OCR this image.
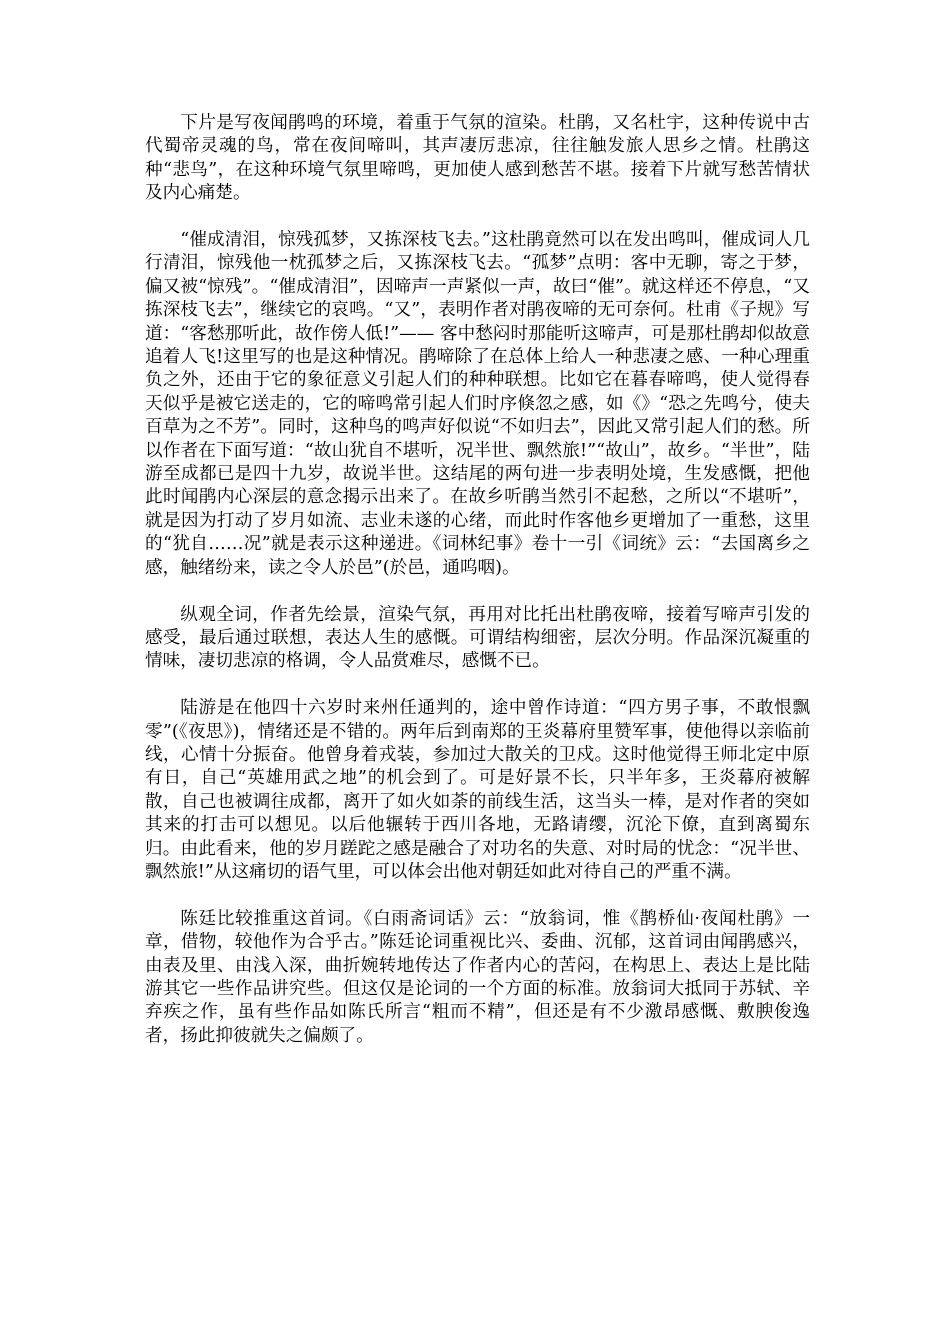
下片是写夜闻鹃鸣的环境，着重于气氛的渲染。杜鹃，又名杜宇，这种传说中古代蜀帝灵魂的鸟，常在夜间啼叫，其声凄厉悲凉，往往触发旅人思乡之情。杜鹃这种“悲鸟”，在这种环境气氛里啼鸣，更加使人感到愁苦不堪。接着下片就写愁苦情状及内心痛楚。

“催成清泪，惊残孤梦，又拣深枝飞去。”这杜鹃竟然可以在发出鸣叫，催成词人几行清泪，惊残他一枕孤梦之后，又拣深枝飞去。“孤梦”点明：客中无聊，寄之于梦，偏又被“惊残”。“催成清泪”，因啼声一声紧似一声，故曰“催”。就这样还不停息，“又拣深枝飞去”，继续它的哀鸣。“又”，表明作者对鹃夜啼的无可奈何。杜甫《子规》写道：“客愁那听此，故作傍人低!”—— 客中愁闷时那能听这啼声，可是那杜鹃却似故意追着人飞!这里写的也是这种情况。鹃啼除了在总体上给人一种悲凄之感、一种心理重负之外，还由于它的象征意义引起人们的种种联想。比如它在暮春啼鸣，使人觉得春天似乎是被它送走的，它的啼鸣常引起人们时序倏忽之感，如《》“恐之先鸣兮，使夫百草为之不芳”。同时，这种鸟的鸣声好似说“不如归去”，因此又常引起人们的愁。所以作者在下面写道：“故山犹自不堪听，况半世、飘然旅!”“故山”，故乡。“半世”，陆游至成都已是四十九岁，故说半世。这结尾的两句进一步表明处境，生发感慨，把他此时闻鹃内心深层的意念揭示出来了。在故乡听鹃当然引不起愁，之所以“不堪听”，就是因为打动了岁月如流、志业未遂的心绪，而此时作客他乡更增加了一重愁，这里的“犹自……况”就是表示这种递进。《词林纪事》卷十一引《词统》云：“去国离乡之感，触绪纷来，读之令人於邑”(於邑，通呜咽)。

纵观全词，作者先绘景，渲染气氛，再用对比托出杜鹃夜啼，接着写啼声引发的感受，最后通过联想，表达人生的感慨。可谓结构细密，层次分明。作品深沉凝重的情味，凄切悲凉的格调，令人品赏难尽，感慨不已。

陆游是在他四十六岁时来州任通判的，途中曾作诗道：“四方男子事，不敢恨飘零”(《夜思》)，情绪还是不错的。两年后到南郑的王炎幕府里赞军事，使他得以亲临前线，心情十分振奋。他曾身着戎装，参加过大散关的卫戍。这时他觉得王师北定中原有日，自己“英雄用武之地”的机会到了。可是好景不长，只半年多，王炎幕府被解散，自己也被调往成都，离开了如火如荼的前线生活，这当头一棒，是对作者的突如其来的打击可以想见。以后他辗转于西川各地，无路请缨，沉沦下僚，直到离蜀东归。由此看来，他的岁月蹉跎之感是融合了对功名的失意、对时局的忧念：“况半世、飘然旅!”从这痛切的语气里，可以体会出他对朝廷如此对待自己的严重不满。

陈廷比较推重这首词。《白雨斋词话》云：“放翁词，惟《鹊桥仙·夜闻杜鹃》一章，借物，较他作为合乎古。”陈廷论词重视比兴、委曲、沉郁，这首词由闻鹃感兴，由表及里、由浅入深，曲折婉转地传达了作者内心的苦闷，在构思上、表达上是比陆游其它一些作品讲究些。但这仅是论词的一个方面的标准。放翁词大抵同于苏轼、辛弃疾之作，虽有些作品如陈氏所言“粗而不精”，但还是有不少激昂感慨、敷腴俊逸者，扬此抑彼就失之偏颇了。
